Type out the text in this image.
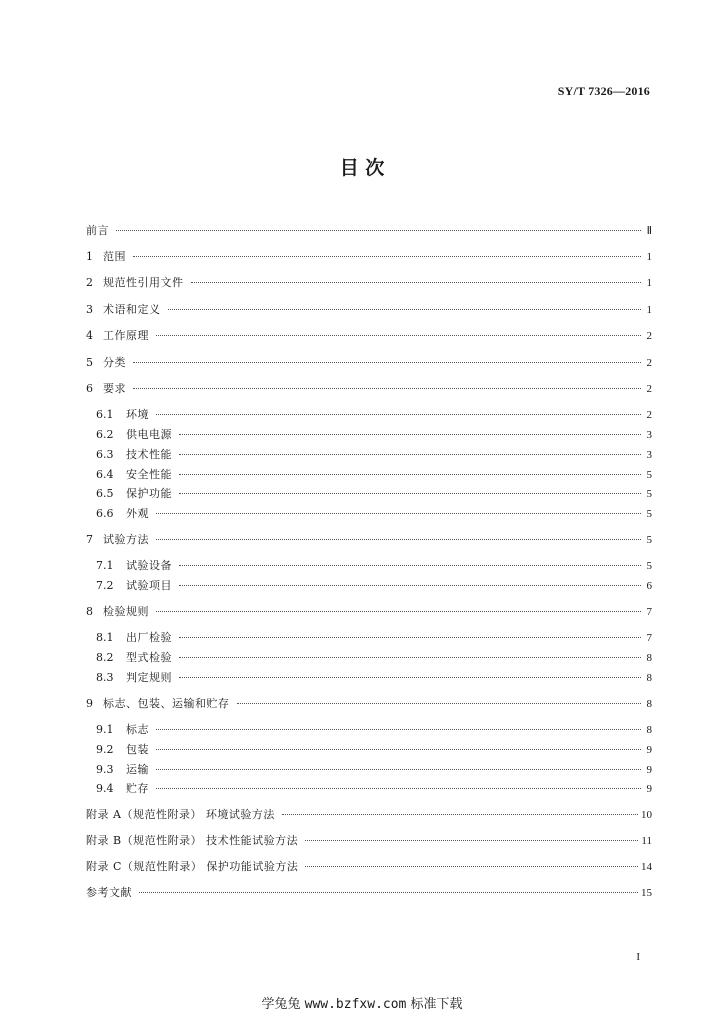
SY/T 7326—2016
目 次
前言	Ⅱ
1 范围	1
2 规范性引用文件	1
3 术语和定义	1
4 工作原理	2
5 分类	2
6 要求	2
6.1	环境	2
6.2	供电电源	3
6.3	技术性能	3
6.4	安全性能	5
6.5	保护功能	5
6.6	外观	5
7 试验方法	5
7.1	试验设备	5
7.2	试验项目	6
8 检验规则	7
8.1	出厂检验	7
8.2	型式检验	8
8.3	判定规则	8
9 标志、包装、运输和贮存	8
9.1	标志	8
9.2	包装	9
9.3	运输	9
9.4	贮存	9
附录 A（规范性附录） 环境试验方法	10
附录 B（规范性附录） 技术性能试验方法	11
附录 C（规范性附录） 保护功能试验方法	14
参考文献	15
I
学兔兔 www.bzfxw.com 标准下载
